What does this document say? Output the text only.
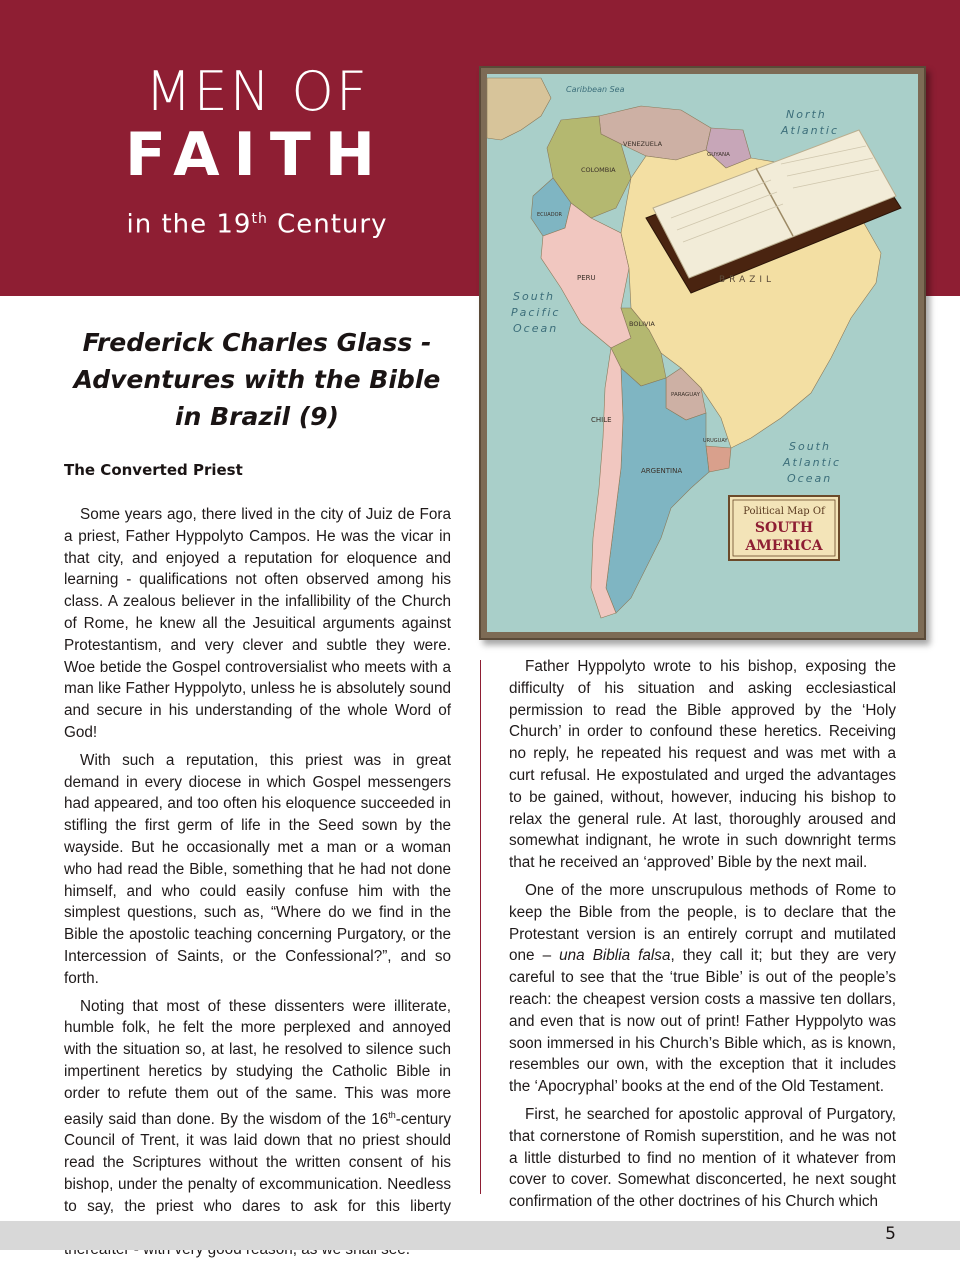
MEN OF
FAITH
in the 19th Century
Caribbean Sea
North
Atlantic
South
Pacific
Ocean
South
Atlantic
Ocean
BRAZIL
VENEZUELA
GUYANA
COLOMBIA
ECUADOR
PERU
BOLIVIA
PARAGUAY
CHILE
ARGENTINA
URUGUAY
Political Map Of
SOUTH
AMERICA
Frederick Charles Glass -
Adventures with the Bible
in Brazil (9)
The Converted Priest

Some years ago, there lived in the city of Juiz de Fora a priest, Father Hyppolyto Campos. He was the vicar in that city, and enjoyed a reputation for eloquence and learning - qualifications not often observed among his class. A zealous believer in the infallibility of the Church of Rome, he knew all the Jesuitical arguments against Protestantism, and very clever and subtle they were. Woe betide the Gospel controversialist who meets with a man like Father Hyppolyto, unless he is absolutely sound and secure in his understanding of the whole Word of God!

With such a reputation, this priest was in great demand in every diocese in which Gospel messengers had appeared, and too often his eloquence succeeded in stifling the first germ of life in the Seed sown by the wayside. But he occasionally met a man or a woman who had read the Bible, something that he had not done himself, and who could easily confuse him with the simplest questions, such as, “Where do we find in the Bible the apostolic teaching concerning Purgatory, or the Intercession of Saints, or the Confessional?”, and so forth.

Noting that most of these dissenters were illiterate, humble folk, he felt the more perplexed and annoyed with the situation so, at last, he resolved to silence such impertinent heretics by studying the Catholic Bible in order to refute them out of the same. This was more easily said than done. By the wisdom of the 16th-century Council of Trent, it was laid down that no priest should read the Scriptures without the written consent of his bishop, under the penalty of excommunication. Needless to say, the priest who dares to ask for this liberty

Father Hyppolyto wrote to his bishop, exposing the difficulty of his situation and asking ecclesiastical permission to read the Bible approved by the ‘Holy Church’ in order to confound these heretics. Receiving no reply, he repeated his request and was met with a curt refusal. He expostulated and urged the advantages to be gained, without, however, inducing his bishop to relax the general rule. At last, thoroughly aroused and somewhat indignant, he wrote in such downright terms that he received an ‘approved’ Bible by the next mail.

One of the more unscrupulous methods of Rome to keep the Bible from the people, is to declare that the Protestant version is an entirely corrupt and mutilated one – una Biblia falsa, they call it; but they are very careful to see that the ‘true Bible’ is out of the people’s reach: the cheapest version costs a massive ten dollars, and even that is now out of print! Father Hyppolyto was soon immersed in his Church’s Bible which, as is known, resembles our own, with the exception that it includes the ‘Apocryphal’ books at the end of the Old Testament.

First, he searched for apostolic approval of Purgatory, that cornerstone of Romish superstition, and he was not a little disturbed to find no mention of it whatever from cover to cover. Somewhat disconcerted, he next sought confirmation of the other doctrines of his Church which

5
